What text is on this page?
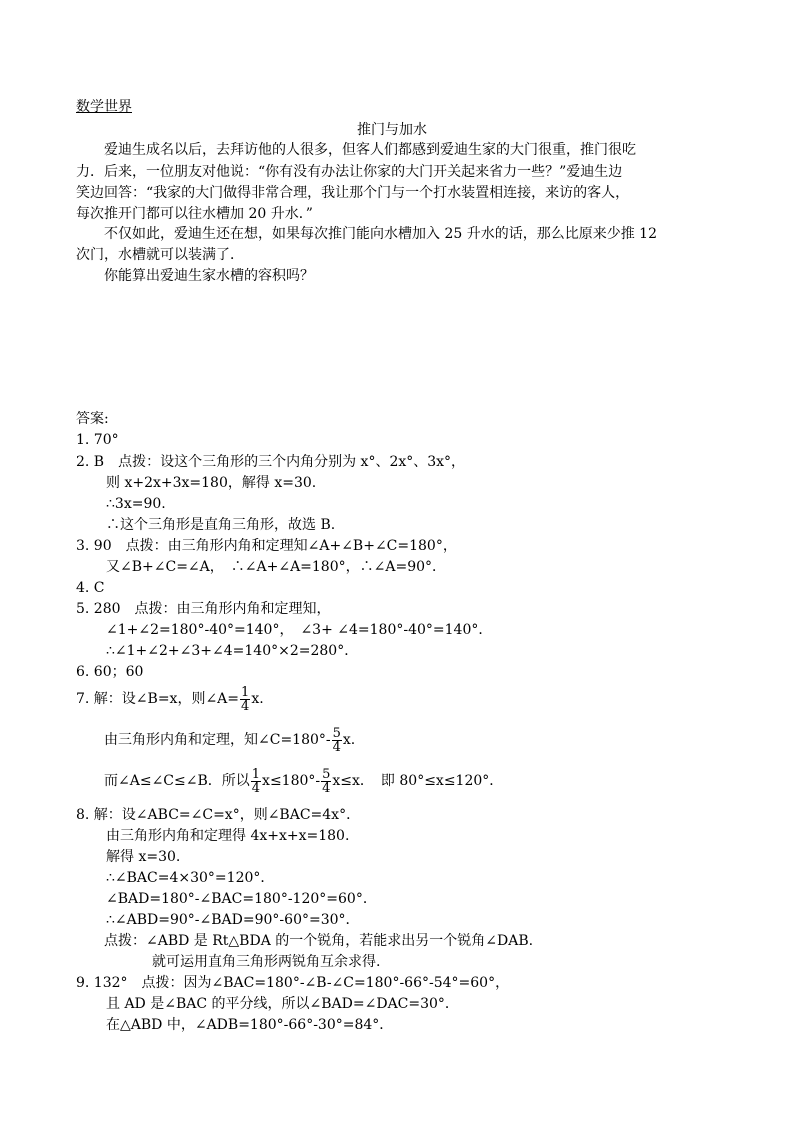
数学世界
推门与加水
爱迪生成名以后，去拜访他的人很多，但客人们都感到爱迪生家的大门很重，推门很吃
力．后来，一位朋友对他说：“你有没有办法让你家的大门开关起来省力一些？”爱迪生边
笑边回答：“我家的大门做得非常合理，我让那个门与一个打水装置相连接，来访的客人，
每次推开门都可以往水槽加 20 升水．”
不仅如此，爱迪生还在想，如果每次推门能向水槽加入 25 升水的话，那么比原来少推 12
次门，水槽就可以装满了．
你能算出爱迪生家水槽的容积吗？
答案:
1. 70°
2. B　点拨：设这个三角形的三个内角分别为 x°、2x°、3x°，
则 x+2x+3x=180，解得 x=30.
∴3x=90.
∴这个三角形是直角三角形，故选 B.
3. 90　点拨：由三角形内角和定理知∠A+∠B+∠C=180°，
又∠B+∠C=∠A，　∴∠A+∠A=180°，∴∠A=90°．
4. C
5. 280　点拨：由三角形内角和定理知，
∠1+∠2=180°-40°=140°，　∠3+ ∠4=180°-40°=140°．
∴∠1+∠2+∠3+∠4=140°×2=280°．
6. 60；60
7. 解：设∠B=x，则∠A= $\frac{1}{4} x$.
由三角形内角和定理，知∠C=180°- $\frac{5}{4} x$.
而∠A≤∠C≤∠B．所以 $\frac{1}{4} x\le 180^\circ- \frac{5}{4} x\le x$．　即 80°≤x≤120°．
8. 解：设∠ABC=∠C=x°，则∠BAC=4x°．
由三角形内角和定理得 4x+x+x=180.
解得 x=30.
∴∠BAC=4×30°=120°．
∠BAD=180°-∠BAC=180°-120°=60°．
∴∠ABD=90°-∠BAD=90°-60°=30°．
点拨：∠ABD 是 Rt△BDA 的一个锐角，若能求出另一个锐角∠DAB.
就可运用直角三角形两锐角互余求得.
9. 132°　点拨：因为∠BAC=180°-∠B-∠C=180°-66°-54°=60°，
且 AD 是∠BAC 的平分线，所以∠BAD=∠DAC=30°．
在△ABD 中，∠ADB=180°-66°-30°=84°．
